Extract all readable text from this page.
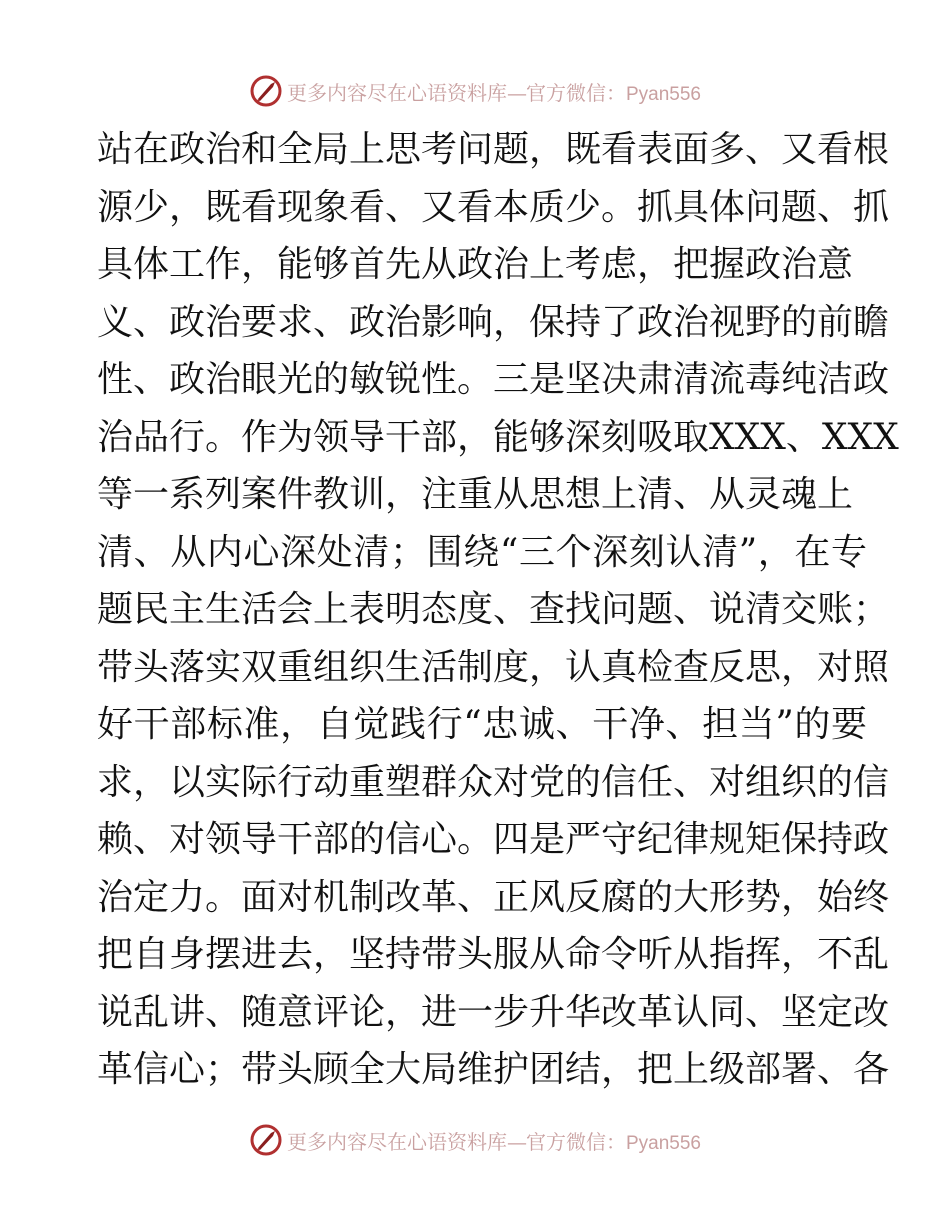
更多内容尽在心语资料库—官方微信：Pyan556
站在政治和全局上思考问题，既看表面多、又看根
源少，既看现象看、又看本质少。抓具体问题、抓
具体工作，能够首先从政治上考虑，把握政治意
义、政治要求、政治影响，保持了政治视野的前瞻
性、政治眼光的敏锐性。三是坚决肃清流毒纯洁政
治品行。作为领导干部，能够深刻吸取XXX、XXX
等一系列案件教训，注重从思想上清、从灵魂上
清、从内心深处清；围绕“三个深刻认清”，在专
题民主生活会上表明态度、查找问题、说清交账；
带头落实双重组织生活制度，认真检查反思，对照
好干部标准，自觉践行“忠诚、干净、担当”的要
求，以实际行动重塑群众对党的信任、对组织的信
赖、对领导干部的信心。四是严守纪律规矩保持政
治定力。面对机制改革、正风反腐的大形势，始终
把自身摆进去，坚持带头服从命令听从指挥，不乱
说乱讲、随意评论，进一步升华改革认同、坚定改
革信心；带头顾全大局维护团结，把上级部署、各
更多内容尽在心语资料库—官方微信：Pyan556
